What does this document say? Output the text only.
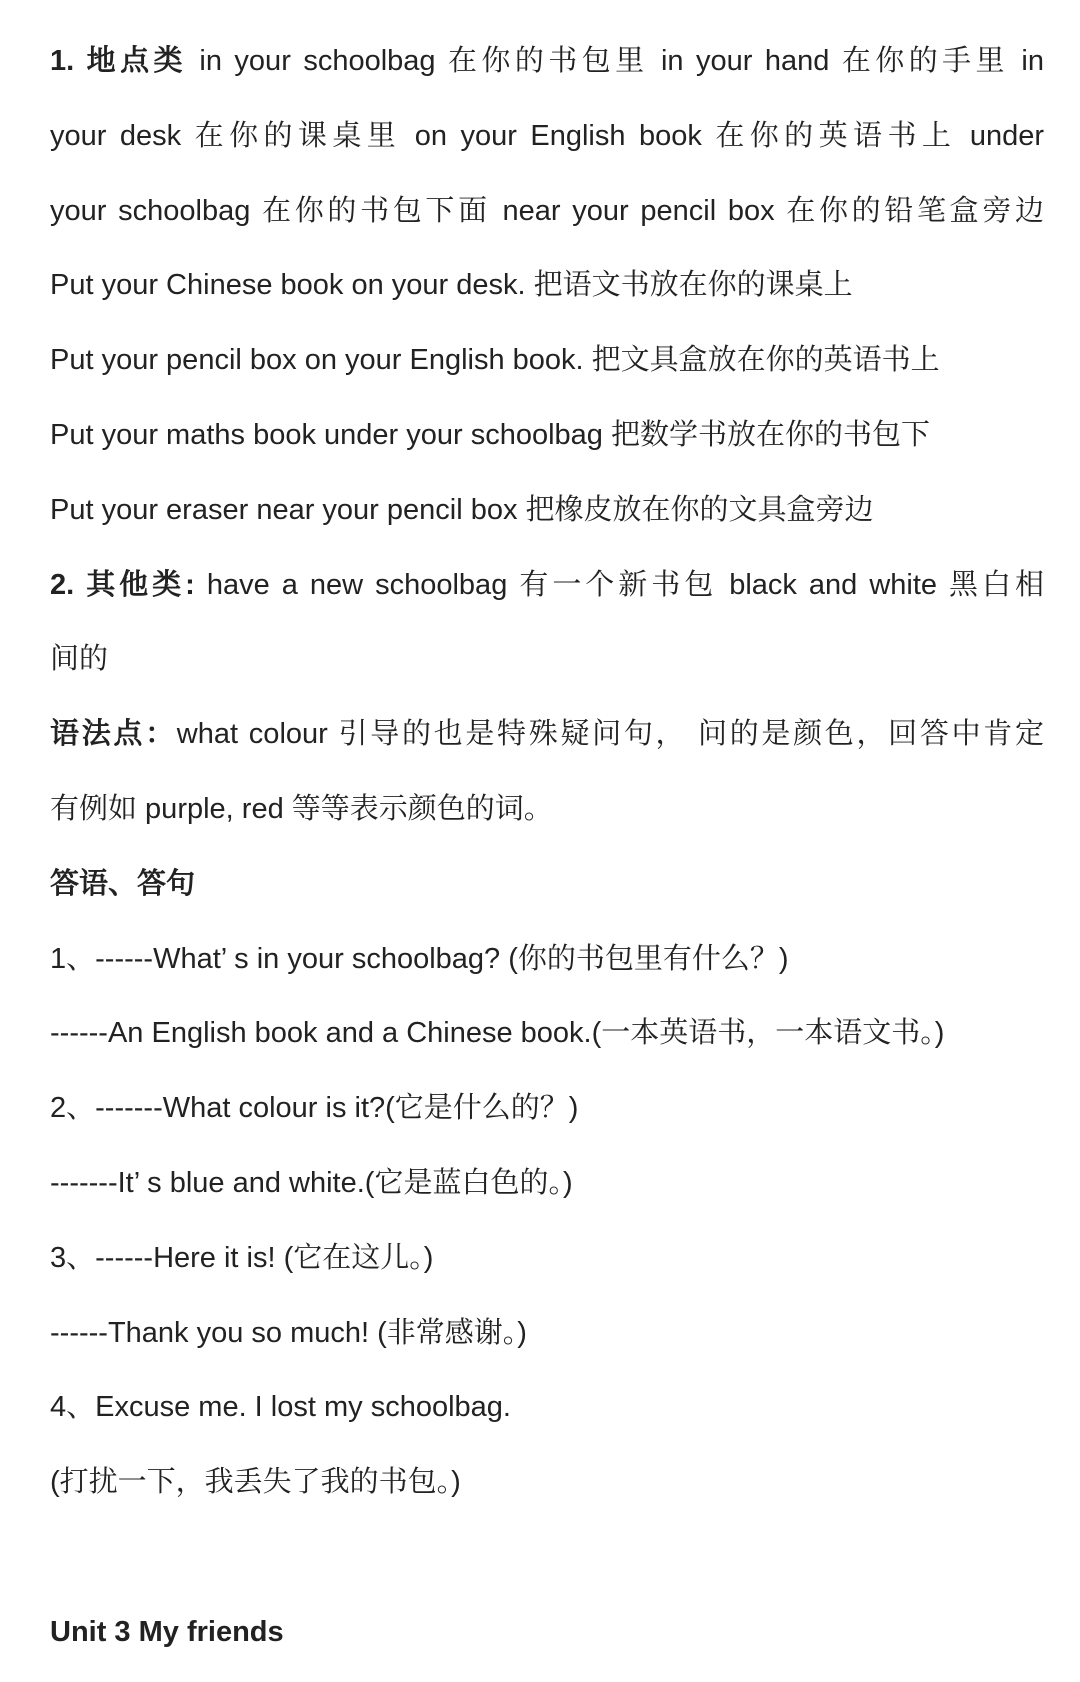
1. 地点类 in your schoolbag 在你的书包里 in your hand 在你的手里 in
your desk 在你的课桌里 on your English book 在你的英语书上 under
your schoolbag 在你的书包下面 near your pencil box 在你的铅笔盒旁边
Put your Chinese book on your desk. 把语文书放在你的课桌上
Put your pencil box on your English book. 把文具盒放在你的英语书上
Put your maths book under your schoolbag 把数学书放在你的书包下
Put your eraser near your pencil box 把橡皮放在你的文具盒旁边
2. 其他类: have a new schoolbag 有一个新书包 black and white 黑白相
间的
语法点：what colour 引导的也是特殊疑问句， 问的是颜色，回答中肯定
有例如 purple, red 等等表示颜色的词。
答语、答句
1、------What’ s in your schoolbag? (你的书包里有什么？)
------An English book and a Chinese book.(一本英语书，一本语文书。)
2、-------What colour is it?(它是什么的？)
-------It’ s blue and white.(它是蓝白色的。)
3、------Here it is! (它在这儿。)
------Thank you so much! (非常感谢。)
4、Excuse me. I lost my schoolbag.
(打扰一下，我丢失了我的书包。)
Unit 3 My friends
